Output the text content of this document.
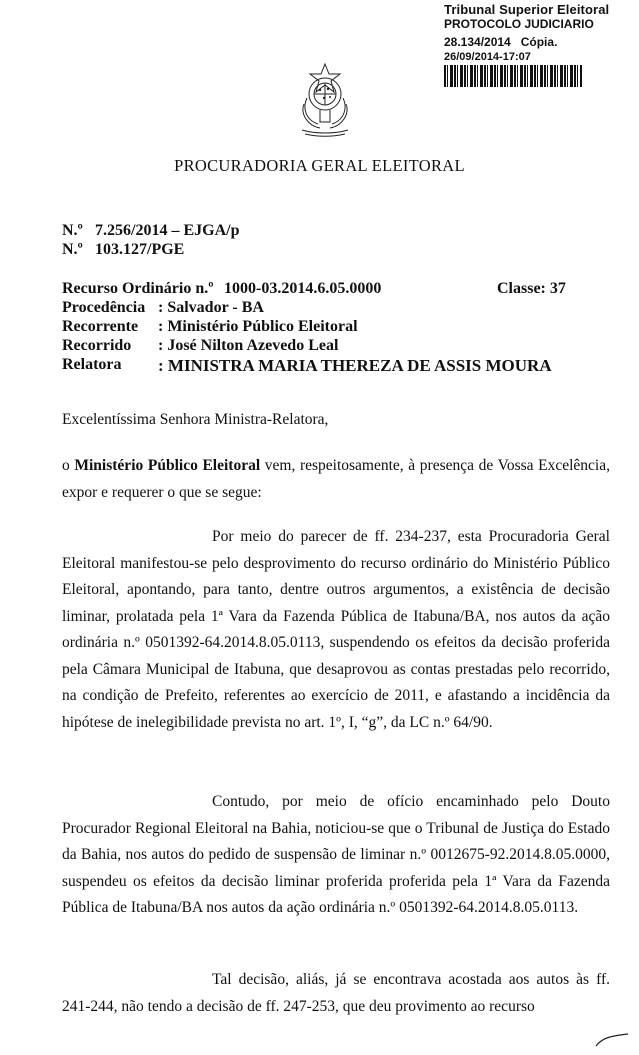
Tribunal Superior Eleitoral
PROTOCOLO JUDICIARIO
28.134/2014 Cópia.
26/09/2014-17:07
PROCURADORIA GERAL ELEITORAL
N.º 7.256/2014 – EJGA/p
N.º 103.127/PGE
Recurso Ordinário n.º 1000-03.2014.6.05.0000	Classe: 37
Procedência : Salvador - BA
Recorrente : Ministério Público Eleitoral
Recorrido : José Nilton Azevedo Leal
Relatora : MINISTRA MARIA THEREZA DE ASSIS MOURA
Excelentíssima Senhora Ministra-Relatora,
o Ministério Público Eleitoral vem, respeitosamente, à presença de Vossa Excelência, expor e requerer o que se segue:
Por meio do parecer de ff. 234-237, esta Procuradoria Geral Eleitoral manifestou-se pelo desprovimento do recurso ordinário do Ministério Público Eleitoral, apontando, para tanto, dentre outros argumentos, a existência de decisão liminar, prolatada pela 1ª Vara da Fazenda Pública de Itabuna/BA, nos autos da ação ordinária n.º 0501392-64.2014.8.05.0113, suspendendo os efeitos da decisão proferida pela Câmara Municipal de Itabuna, que desaprovou as contas prestadas pelo recorrido, na condição de Prefeito, referentes ao exercício de 2011, e afastando a incidência da hipótese de inelegibilidade prevista no art. 1º, I, “g”, da LC n.º 64/90.
Contudo, por meio de ofício encaminhado pelo Douto Procurador Regional Eleitoral na Bahia, noticiou-se que o Tribunal de Justiça do Estado da Bahia, nos autos do pedido de suspensão de liminar n.º 0012675-92.2014.8.05.0000, suspendeu os efeitos da decisão liminar proferida proferida pela 1ª Vara da Fazenda Pública de Itabuna/BA nos autos da ação ordinária n.º 0501392-64.2014.8.05.0113.
Tal decisão, aliás, já se encontrava acostada aos autos às ff. 241-244, não tendo a decisão de ff. 247-253, que deu provimento ao recurso
